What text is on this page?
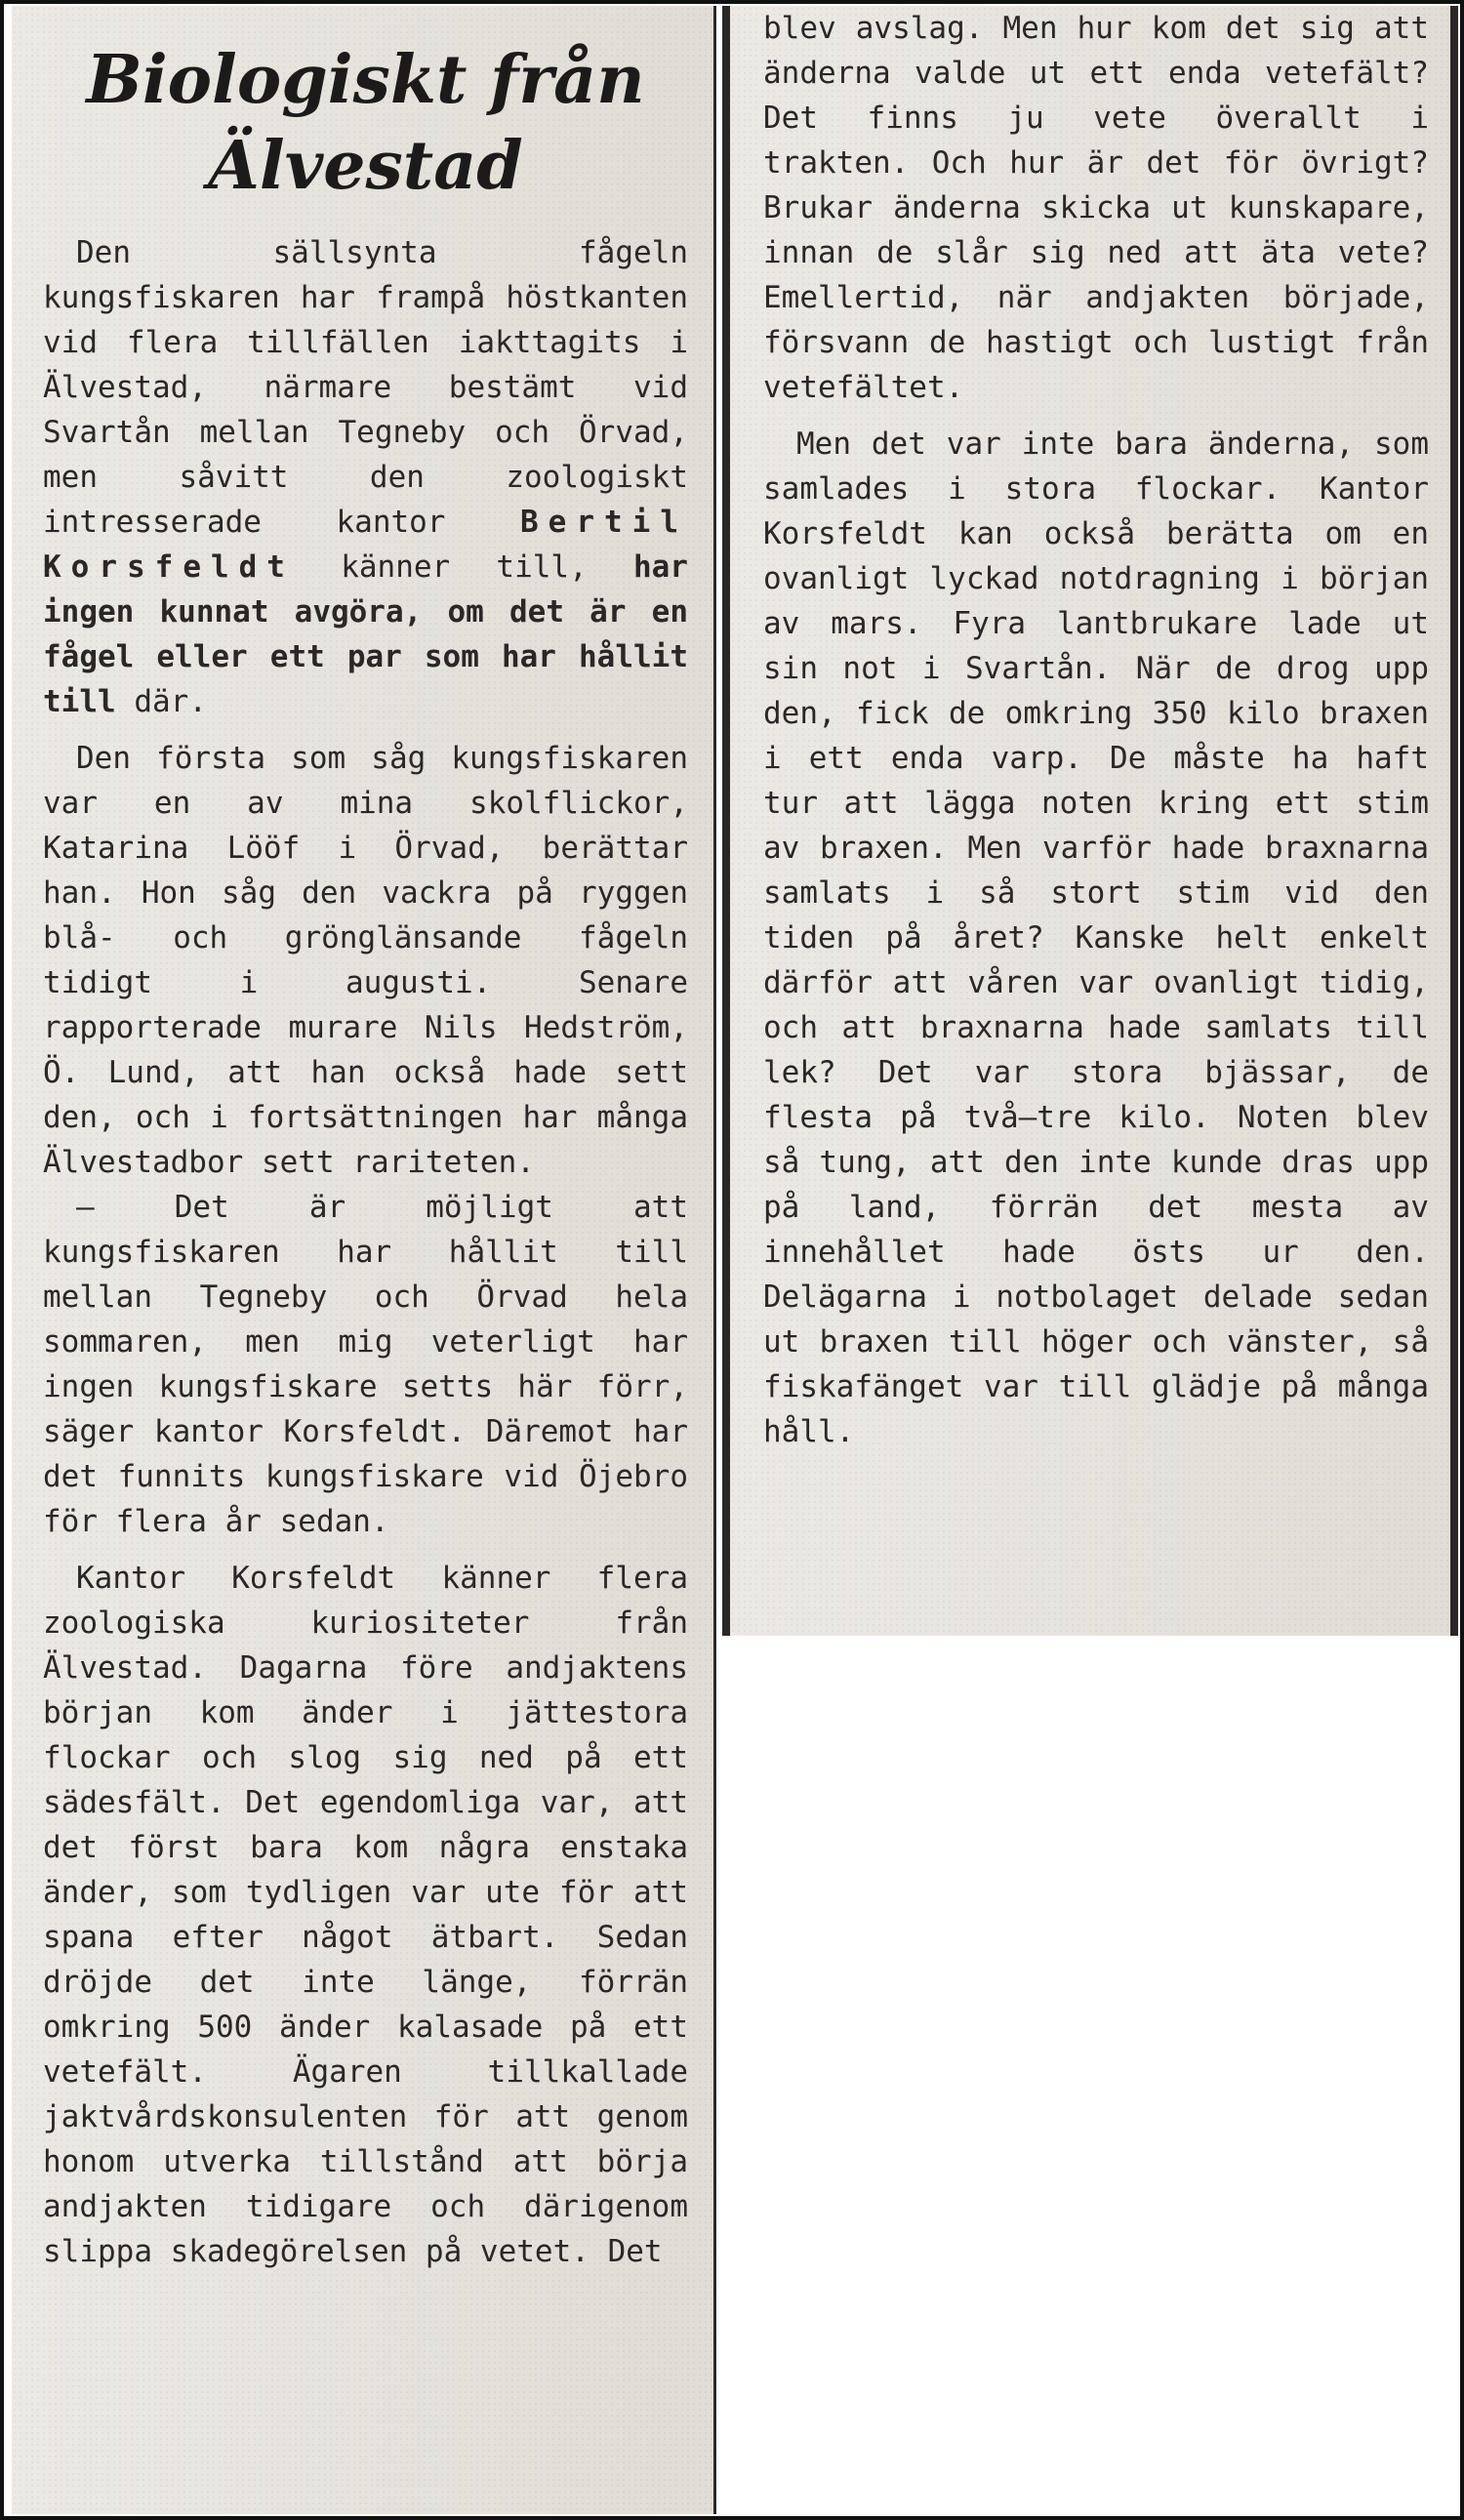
Biologiskt från
Älvestad

Den sällsynta fågeln kungsfiskaren har frampå höstkanten vid flera tillfällen iakttagits i Älvestad, närmare bestämt vid Svartån mellan Tegneby och Örvad, men såvitt den zoologiskt intresserade kantor Bertil Korsfeldt känner till, har ingen kunnat avgöra, om det är en fågel eller ett par som har hållit till där.

Den första som såg kungsfiskaren var en av mina skolflickor, Katarina Lööf i Örvad, berättar han. Hon såg den vackra på ryggen blå- och grönglänsande fågeln tidigt i augusti. Senare rapporterade murare Nils Hedström, Ö. Lund, att han också hade sett den, och i fortsättningen har många Älvestadbor sett rariteten.

— Det är möjligt att kungsfiskaren har hållit till mellan Tegneby och Örvad hela sommaren, men mig veterligt har ingen kungsfiskare setts här förr, säger kantor Korsfeldt. Däremot har det funnits kungsfiskare vid Öjebro för flera år sedan.

Kantor Korsfeldt känner flera zoologiska kuriositeter från Älvestad. Dagarna före andjaktens början kom änder i jättestora flockar och slog sig ned på ett sädesfält. Det egendomliga var, att det först bara kom några enstaka änder, som tydligen var ute för att spana efter något ätbart. Sedan dröjde det inte länge, förrän omkring 500 änder kalasade på ett vetefält. Ägaren tillkallade jaktvårdskonsulenten för att genom honom utverka tillstånd att börja andjakten tidigare och därigenom slippa skadegörelsen på vetet. Det

blev avslag. Men hur kom det sig att änderna valde ut ett enda vetefält? Det finns ju vete överallt i trakten. Och hur är det för övrigt? Brukar änderna skicka ut kunskapare, innan de slår sig ned att äta vete? Emellertid, när andjakten började, försvann de hastigt och lustigt från vetefältet.

Men det var inte bara änderna, som samlades i stora flockar. Kantor Korsfeldt kan också berätta om en ovanligt lyckad notdragning i början av mars. Fyra lantbrukare lade ut sin not i Svartån. När de drog upp den, fick de omkring 350 kilo braxen i ett enda varp. De måste ha haft tur att lägga noten kring ett stim av braxen. Men varför hade braxnarna samlats i så stort stim vid den tiden på året? Kanske helt enkelt därför att våren var ovanligt tidig, och att braxnarna hade samlats till lek? Det var stora bjässar, de flesta på två—tre kilo. Noten blev så tung, att den inte kunde dras upp på land, förrän det mesta av innehållet hade östs ur den. Delägarna i notbolaget delade sedan ut braxen till höger och vänster, så fiskafänget var till glädje på många håll.
